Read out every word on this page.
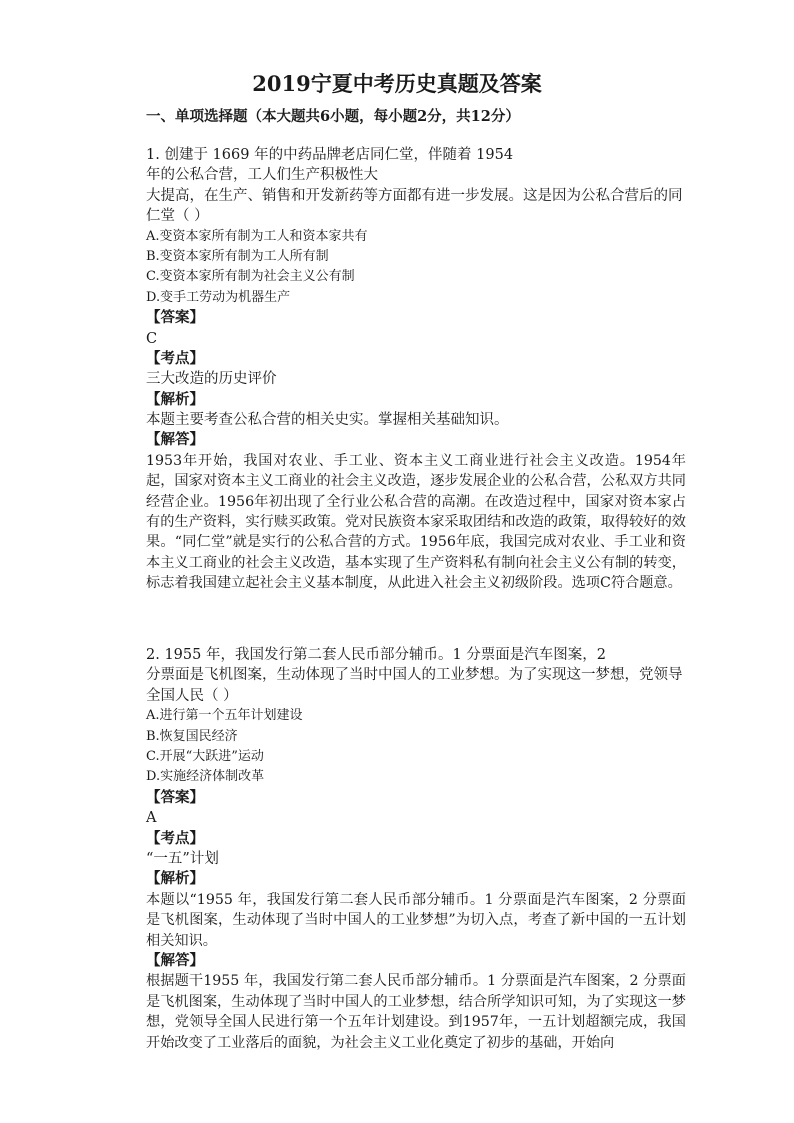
2019宁夏中考历史真题及答案

一、单项选择题（本大题共6小题，每小题2分，共12分）

1. 创建于 1669 年的中药品牌老店同仁堂，伴随着 1954
年的公私合营，工人们生产积极性大
大提高，在生产、销售和开发新药等方面都有进一步发展。这是因为公私合营后的同
仁堂（ ）
A.变资本家所有制为工人和资本家共有
B.变资本家所有制为工人所有制
C.变资本家所有制为社会主义公有制
D.变手工劳动为机器生产
【答案】
C
【考点】
三大改造的历史评价
【解析】
本题主要考查公私合营的相关史实。掌握相关基础知识。
【解答】

1953年开始，我国对农业、手工业、资本主义工商业进行社会主义改造。1954年起，国家对资本主义工商业的社会主义改造，逐步发展企业的公私合营，公私双方共同经营企业。1956年初出现了全行业公私合营的高潮。在改造过程中，国家对资本家占有的生产资料，实行赎买政策。党对民族资本家采取团结和改造的政策，取得较好的效果。“同仁堂”就是实行的公私合营的方式。1956年底，我国完成对农业、手工业和资本主义工商业的社会主义改造，基本实现了生产资料私有制向社会主义公有制的转变，标志着我国建立起社会主义基本制度，从此进入社会主义初级阶段。选项C符合题意。

2. 1955 年，我国发行第二套人民币部分辅币。1 分票面是汽车图案，2
分票面是飞机图案，生动体现了当时中国人的工业梦想。为了实现这一梦想，党领导
全国人民（ ）
A.进行第一个五年计划建设
B.恢复国民经济
C.开展“大跃进”运动
D.实施经济体制改革
【答案】
A
【考点】
“一五”计划
【解析】

本题以“1955 年，我国发行第二套人民币部分辅币。1 分票面是汽车图案，2 分票面是飞机图案，生动体现了当时中国人的工业梦想”为切入点，考查了新中国的一五计划相关知识。

【解答】

根据题干1955 年，我国发行第二套人民币部分辅币。1 分票面是汽车图案，2 分票面是飞机图案，生动体现了当时中国人的工业梦想，结合所学知识可知，为了实现这一梦想，党领导全国人民进行第一个五年计划建设。到1957年，一五计划超额完成，我国开始改变了工业落后的面貌，为社会主义工业化奠定了初步的基础，开始向
